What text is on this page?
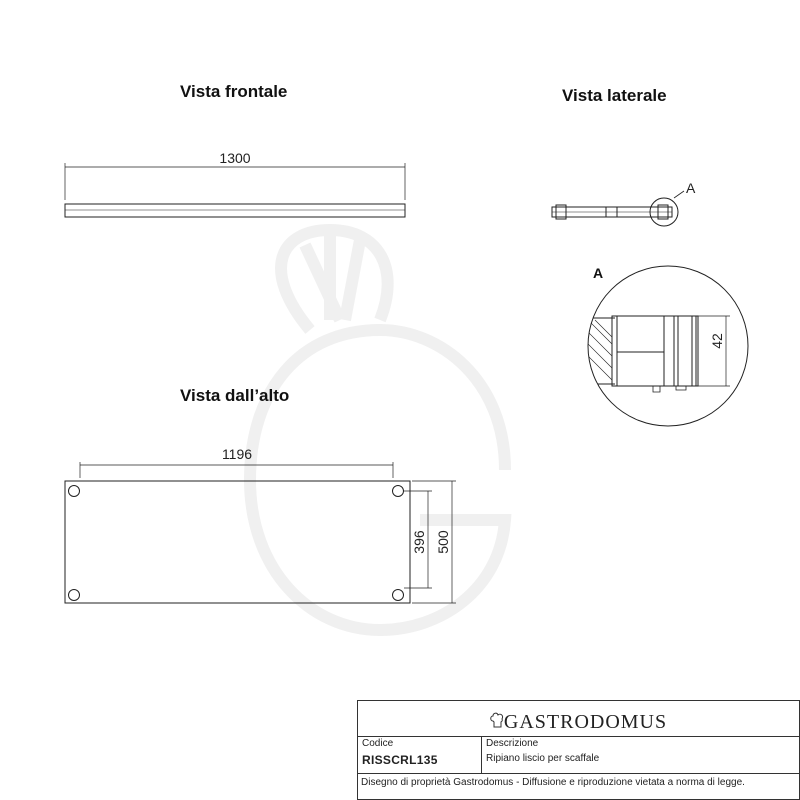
1300
A
A
42
1196
396 500
Vista frontale	Vista laterale
Vista dall’alto
GASTRODOMUS
Codice
RISSCRL135
Descrizione
Ripiano liscio per scaffale
Disegno di proprietà Gastrodomus - Diffusione e riproduzione vietata a norma di legge.
